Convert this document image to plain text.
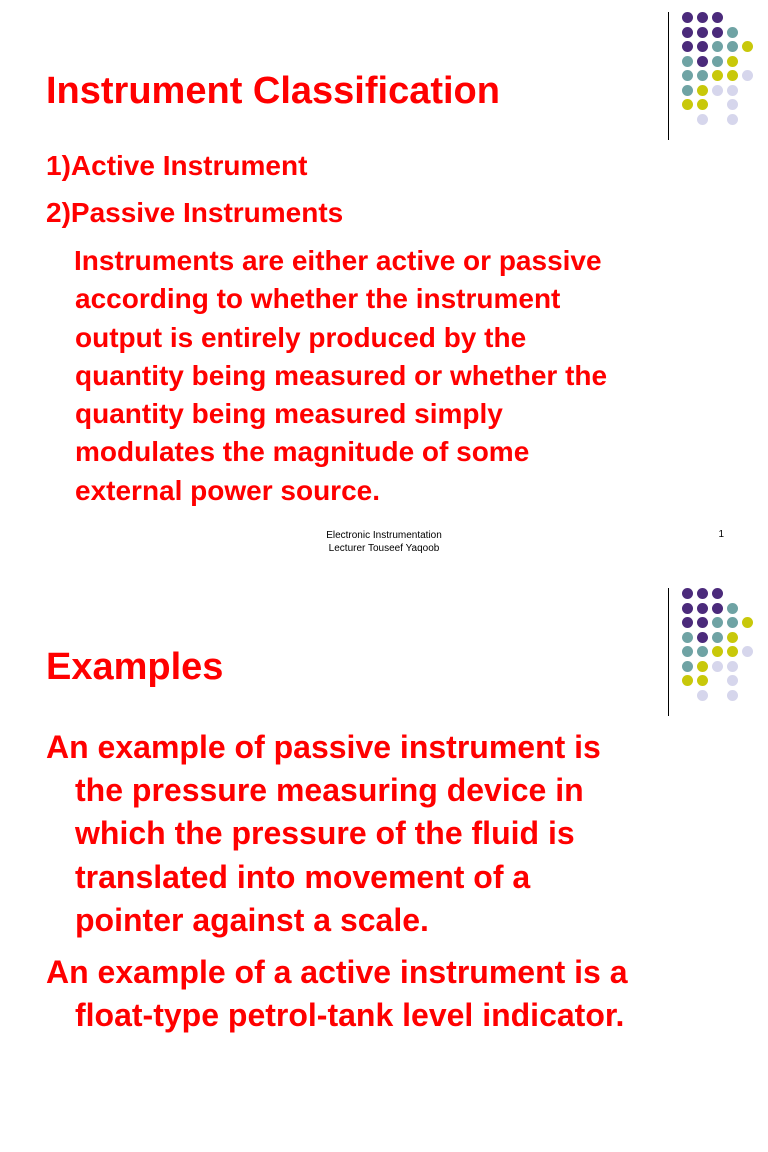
Instrument Classification

1)Active Instrument

2)Passive Instruments

Instruments are either active or passive
according to whether the instrument
output is entirely produced by the
quantity being measured or whether the
quantity being measured simply
modulates the magnitude of some
external power source.
Electronic Instrumentation
Lecturer Touseef Yaqoob
1
Examples
An example of passive instrument is
the pressure measuring device in
which the pressure of the fluid is
translated into movement of a
pointer against a scale.
An example of a active instrument is a
float-type petrol-tank level indicator.
